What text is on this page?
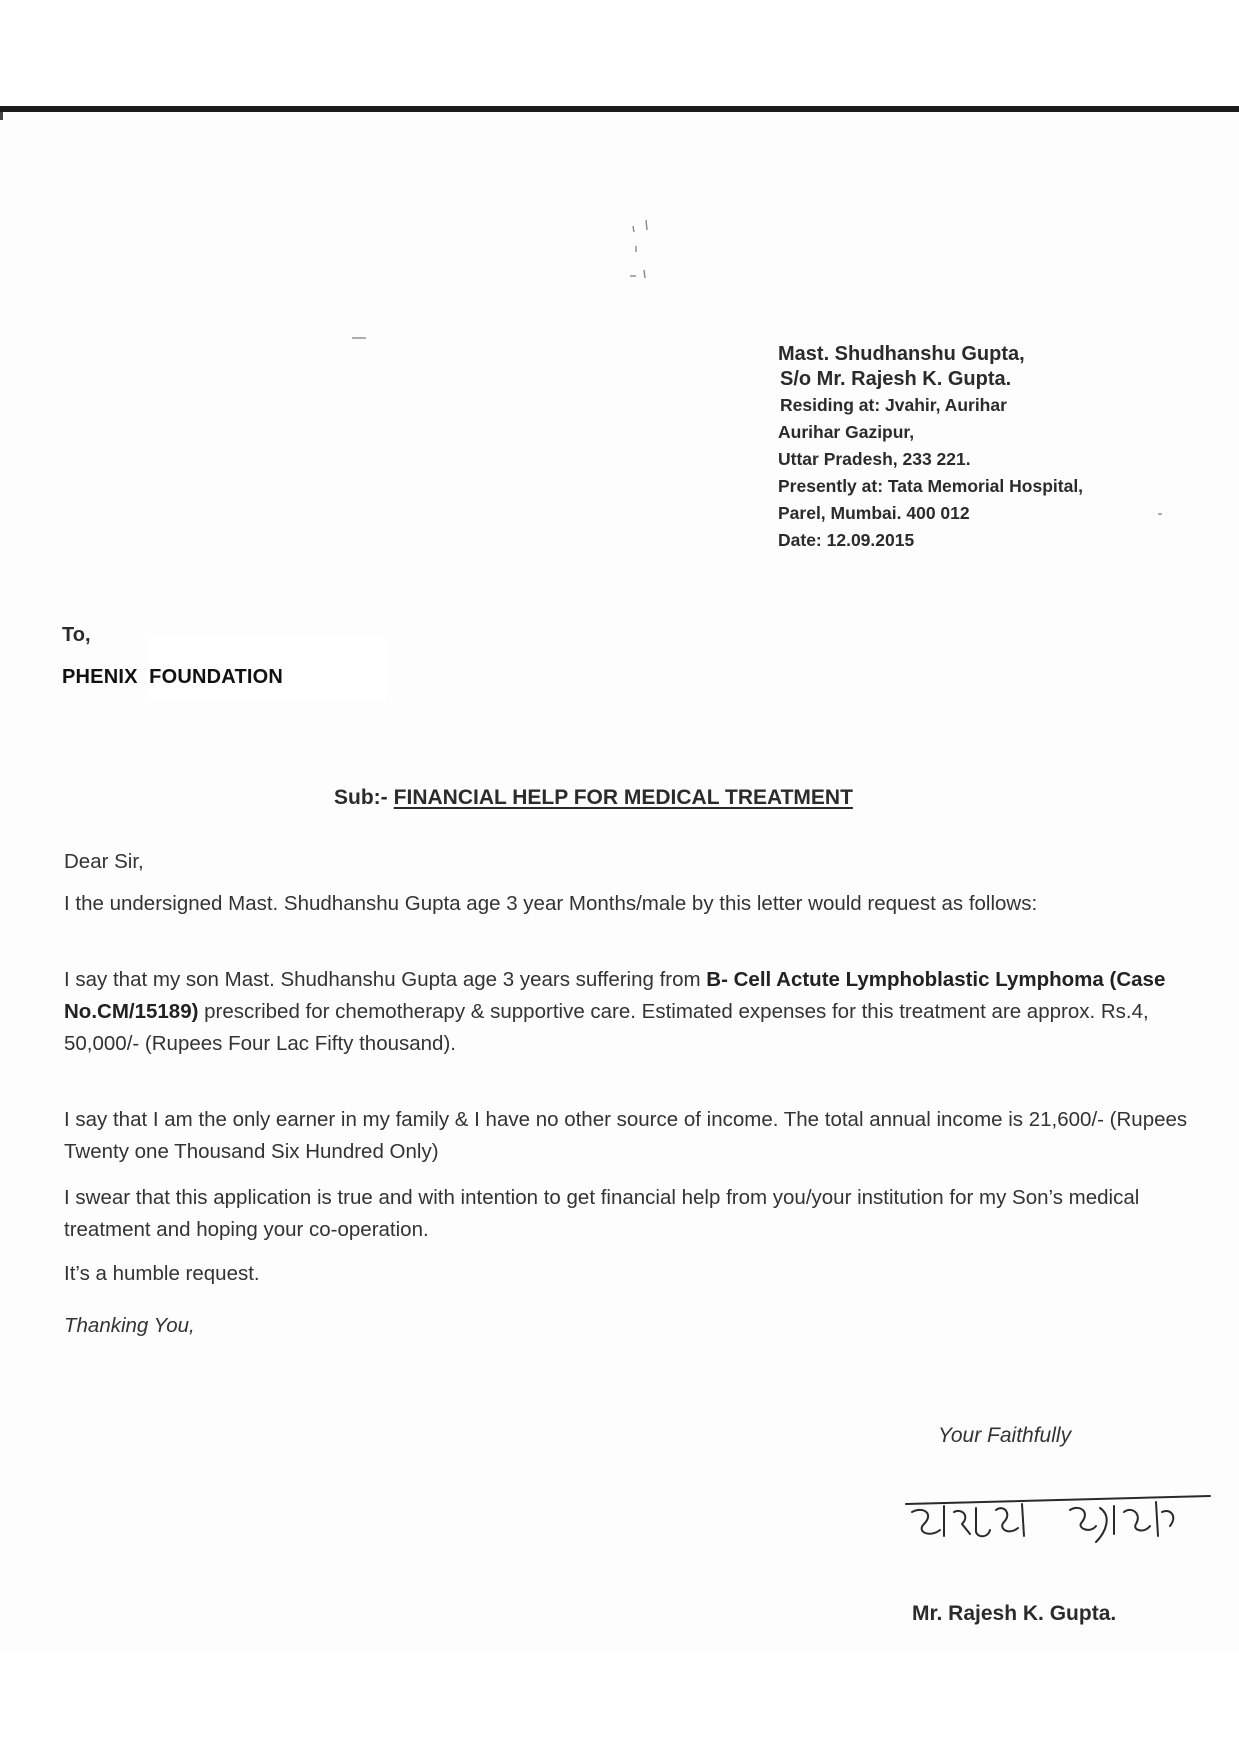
Mast. Shudhanshu Gupta,
S/o Mr. Rajesh K. Gupta.
Residing at: Jvahir, Aurihar
Aurihar Gazipur,
Uttar Pradesh, 233 221.
Presently at: Tata Memorial Hospital,
Parel, Mumbai. 400 012
Date: 12.09.2015
To,
PHENIX  FOUNDATION
Sub:- FINANCIAL HELP FOR MEDICAL TREATMENT
Dear Sir,
I the undersigned Mast. Shudhanshu Gupta age 3 year Months/male by this letter would request as follows:
I say that my son Mast. Shudhanshu Gupta age 3 years suffering from B- Cell Actute Lymphoblastic Lymphoma (Case No.CM/15189) prescribed for chemotherapy & supportive care. Estimated expenses for this treatment are approx. Rs.4, 50,000/- (Rupees Four Lac Fifty thousand).
I say that I am the only earner in my family & I have no other source of income. The total annual income is 21,600/- (Rupees Twenty one Thousand Six Hundred Only)
I swear that this application is true and with intention to get financial help from you/your institution for my Son’s medical treatment and hoping your co-operation.
It’s a humble request.
Thanking You,
Your Faithfully
Mr. Rajesh K. Gupta.
